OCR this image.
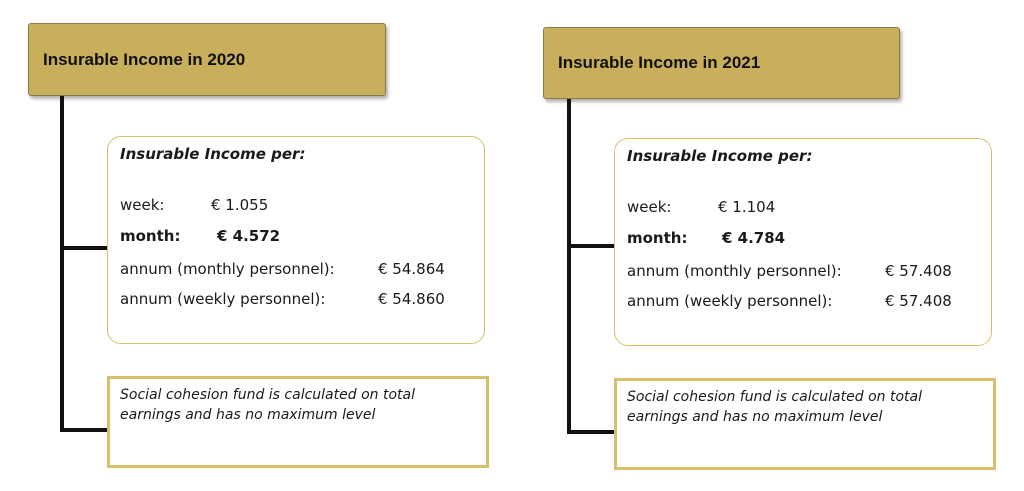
Insurable Income in 2020
Insurable Income per:
week:	€ 1.055
month: € 4.572
annum (monthly personnel):	€ 54.864
annum (weekly personnel):	€ 54.860
Social cohesion fund is calculated on total earnings and has no maximum level
Insurable Income in 2021
Insurable Income per:
week:	€ 1.104
month: € 4.784
annum (monthly personnel):	€ 57.408
annum (weekly personnel):	€ 57.408
Social cohesion fund is calculated on total earnings and has no maximum level
